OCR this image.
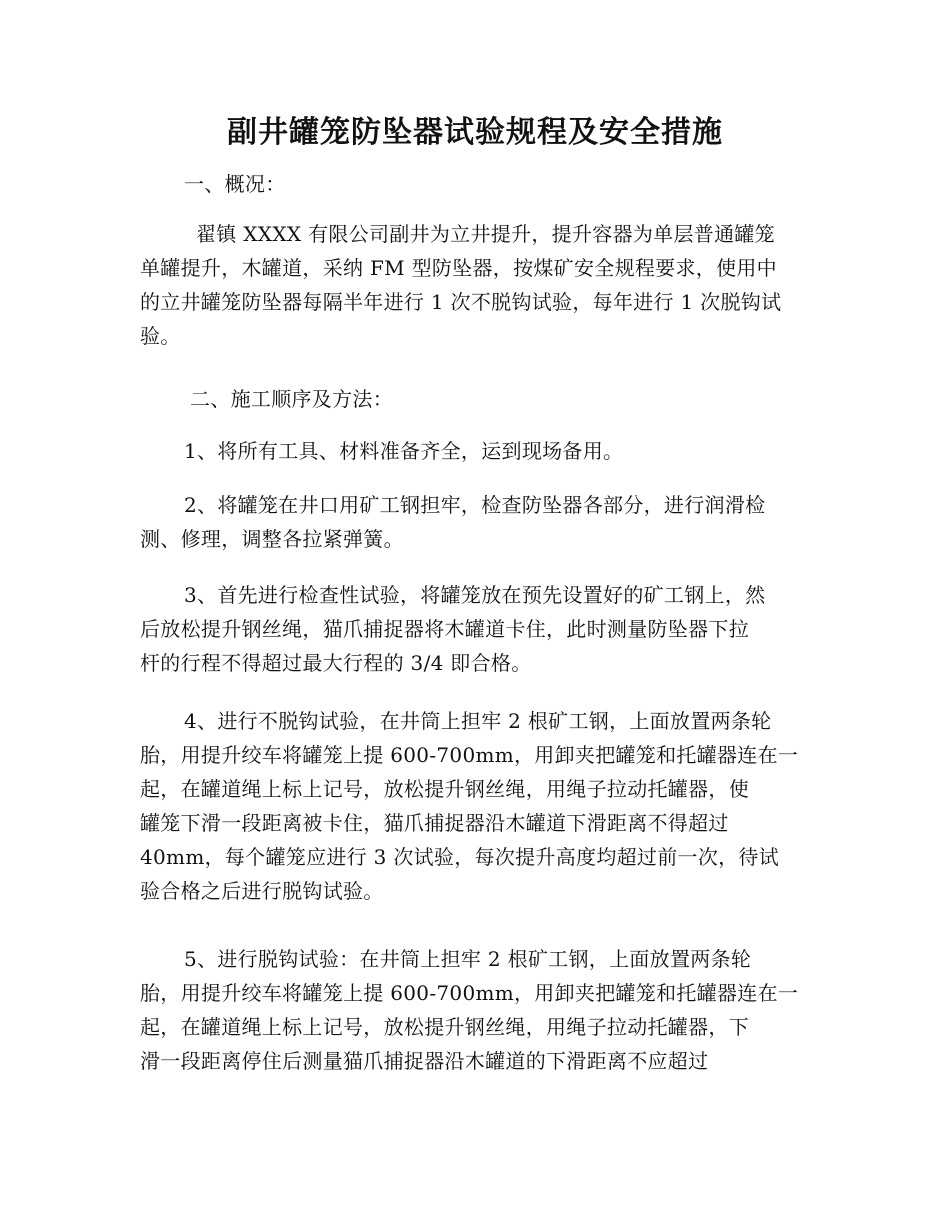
副井罐笼防坠器试验规程及安全措施
一、概况：
翟镇 XXXX 有限公司副井为立井提升，提升容器为单层普通罐笼
单罐提升，木罐道，采纳 FM 型防坠器，按煤矿安全规程要求，使用中
的立井罐笼防坠器每隔半年进行 1 次不脱钩试验，每年进行 1 次脱钩试
验。
二、施工顺序及方法：
1、将所有工具、材料准备齐全，运到现场备用。
2、将罐笼在井口用矿工钢担牢，检查防坠器各部分，进行润滑检
测、修理，调整各拉紧弹簧。
3、首先进行检查性试验，将罐笼放在预先设置好的矿工钢上，然
后放松提升钢丝绳，猫爪捕捉器将木罐道卡住，此时测量防坠器下拉
杆的行程不得超过最大行程的 3/4 即合格。
4、进行不脱钩试验，在井筒上担牢 2 根矿工钢，上面放置两条轮
胎，用提升绞车将罐笼上提 600-700mm，用卸夹把罐笼和托罐器连在一
起，在罐道绳上标上记号，放松提升钢丝绳，用绳子拉动托罐器，使
罐笼下滑一段距离被卡住，猫爪捕捉器沿木罐道下滑距离不得超过
40mm，每个罐笼应进行 3 次试验，每次提升高度均超过前一次，待试
验合格之后进行脱钩试验。
5、进行脱钩试验：在井筒上担牢 2 根矿工钢，上面放置两条轮
胎，用提升绞车将罐笼上提 600-700mm，用卸夹把罐笼和托罐器连在一
起，在罐道绳上标上记号，放松提升钢丝绳，用绳子拉动托罐器，下
滑一段距离停住后测量猫爪捕捉器沿木罐道的下滑距离不应超过
